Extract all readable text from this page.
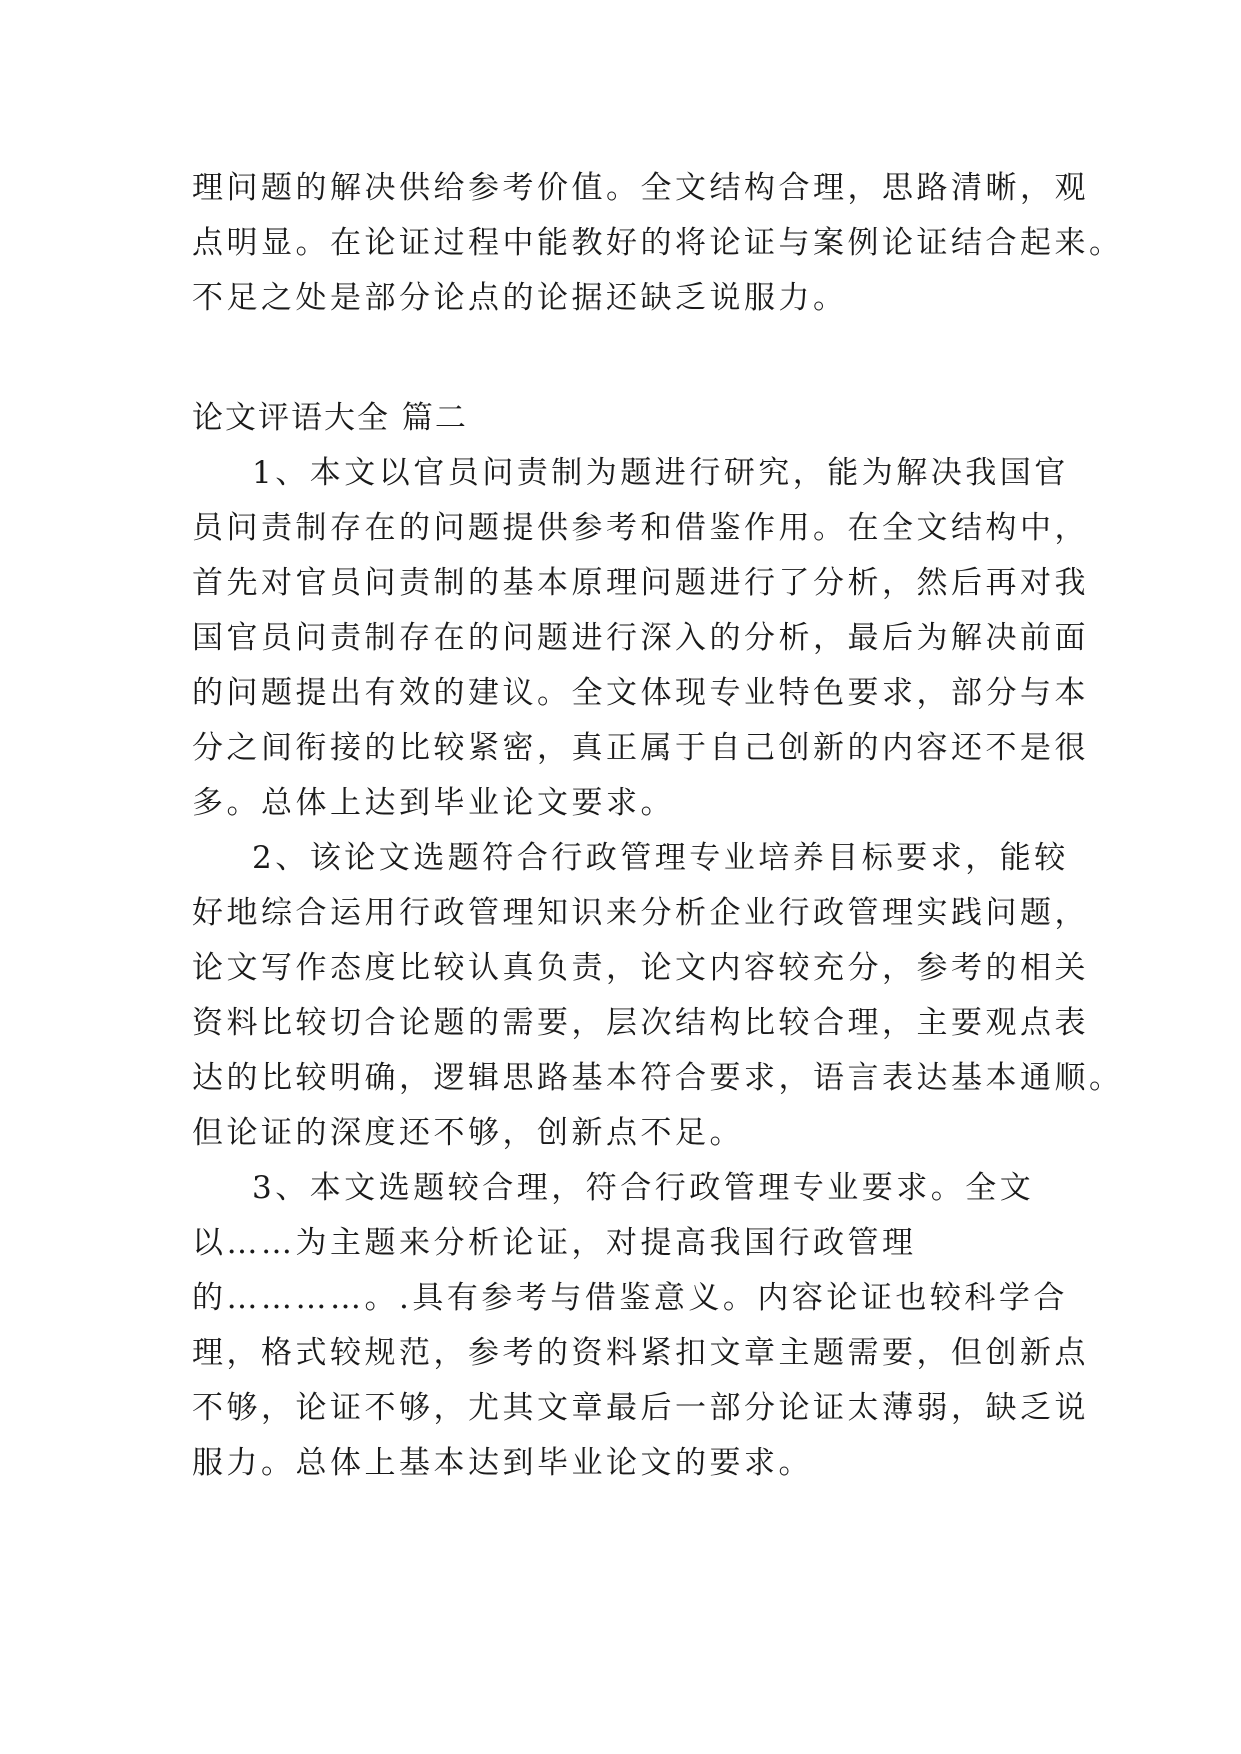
理问题的解决供给参考价值。全文结构合理，思路清晰，观
点明显。在论证过程中能教好的将论证与案例论证结合起来。
不足之处是部分论点的论据还缺乏说服力。
论文评语大全 篇二
1、本文以官员问责制为题进行研究，能为解决我国官
员问责制存在的问题提供参考和借鉴作用。在全文结构中，
首先对官员问责制的基本原理问题进行了分析，然后再对我
国官员问责制存在的问题进行深入的分析，最后为解决前面
的问题提出有效的建议。全文体现专业特色要求，部分与本
分之间衔接的比较紧密，真正属于自己创新的内容还不是很
多。总体上达到毕业论文要求。
2、该论文选题符合行政管理专业培养目标要求，能较
好地综合运用行政管理知识来分析企业行政管理实践问题，
论文写作态度比较认真负责，论文内容较充分，参考的相关
资料比较切合论题的需要，层次结构比较合理，主要观点表
达的比较明确，逻辑思路基本符合要求，语言表达基本通顺。
但论证的深度还不够，创新点不足。
3、本文选题较合理，符合行政管理专业要求。全文
以……为主题来分析论证，对提高我国行政管理
的…………。.具有参考与借鉴意义。内容论证也较科学合
理，格式较规范，参考的资料紧扣文章主题需要，但创新点
不够，论证不够，尤其文章最后一部分论证太薄弱，缺乏说
服力。总体上基本达到毕业论文的要求。
